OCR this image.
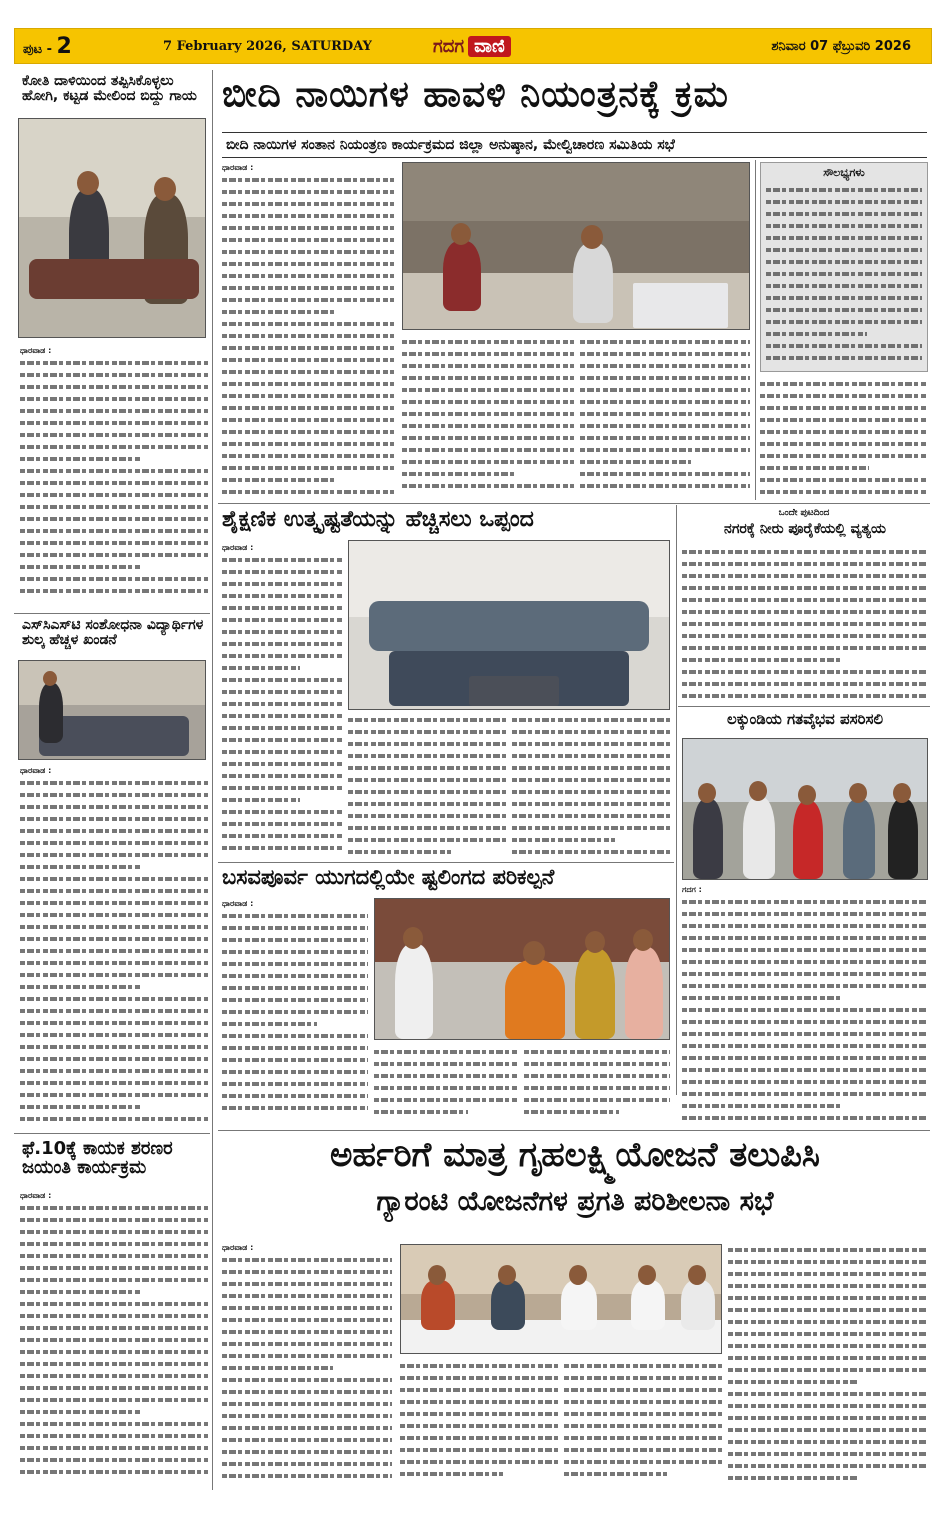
ಪುಟ - 2	7 February 2026, SATURDAY	ಗದಗ ವಾಣಿ	ಶನಿವಾರ 07 ಫೆಬ್ರುವರಿ 2026
ಕೋತಿ ದಾಳಿಯಿಂದ ತಪ್ಪಿಸಿಕೊಳ್ಳಲು ಹೋಗಿ, ಕಟ್ಟಡ ಮೇಲಿಂದ ಬಿದ್ದು ಗಾಯ
ಧಾರವಾಡ :
ಎಸ್‌ಸಿಎಸ್‌ಟಿ ಸಂಶೋಧನಾ ವಿದ್ಯಾರ್ಥಿಗಳ ಶುಲ್ಕ ಹೆಚ್ಚಳ ಖಂಡನೆ
ಧಾರವಾಡ :
ಫೆ.10ಕ್ಕೆ ಕಾಯಕ ಶರಣರ ಜಯಂತಿ ಕಾರ್ಯಕ್ರಮ
ಧಾರವಾಡ :
ಬೀದಿ ನಾಯಿಗಳ ಹಾವಳಿ ನಿಯಂತ್ರನಕ್ಕೆ ಕ್ರಮ
ಬೀದಿ ನಾಯಿಗಳ ಸಂತಾನ ನಿಯಂತ್ರಣ ಕಾರ್ಯಕ್ರಮದ ಜಿಲ್ಲಾ ಅನುಷ್ಠಾನ, ಮೇಲ್ವಿಚಾರಣ ಸಮಿತಿಯ ಸಭೆ
ಧಾರವಾಡ :	ಸೌಲಭ್ಯಗಳು
ಶೈಕ್ಷಣಿಕ ಉತ್ಕೃಷ್ಟತೆಯನ್ನು ಹೆಚ್ಚಿಸಲು ಒಪ್ಪಂದ
ಧಾರವಾಡ :
ಬಸವಪೂರ್ವ ಯುಗದಲ್ಲಿಯೇ ಷ್ಟಲಿಂಗದ ಪರಿಕಲ್ಪನೆ
ಧಾರವಾಡ :
ಒಂದೇ ಪುಟದಿಂದ
ನಗರಕ್ಕೆ ನೀರು ಪೂರೈಕೆಯಲ್ಲಿ ವ್ಯತ್ಯಯ
ಲಕ್ಕುಂಡಿಯ ಗತವೈಭವ ಪಸರಿಸಲಿ
ಗದಗ :
ಅರ್ಹರಿಗೆ ಮಾತ್ರ ಗೃಹಲಕ್ಷ್ಮಿಯೋಜನೆ ತಲುಪಿಸಿ
ಗ್ಯಾರಂಟಿ ಯೋಜನೆಗಳ ಪ್ರಗತಿ ಪರಿಶೀಲನಾ ಸಭೆ
ಧಾರವಾಡ :
